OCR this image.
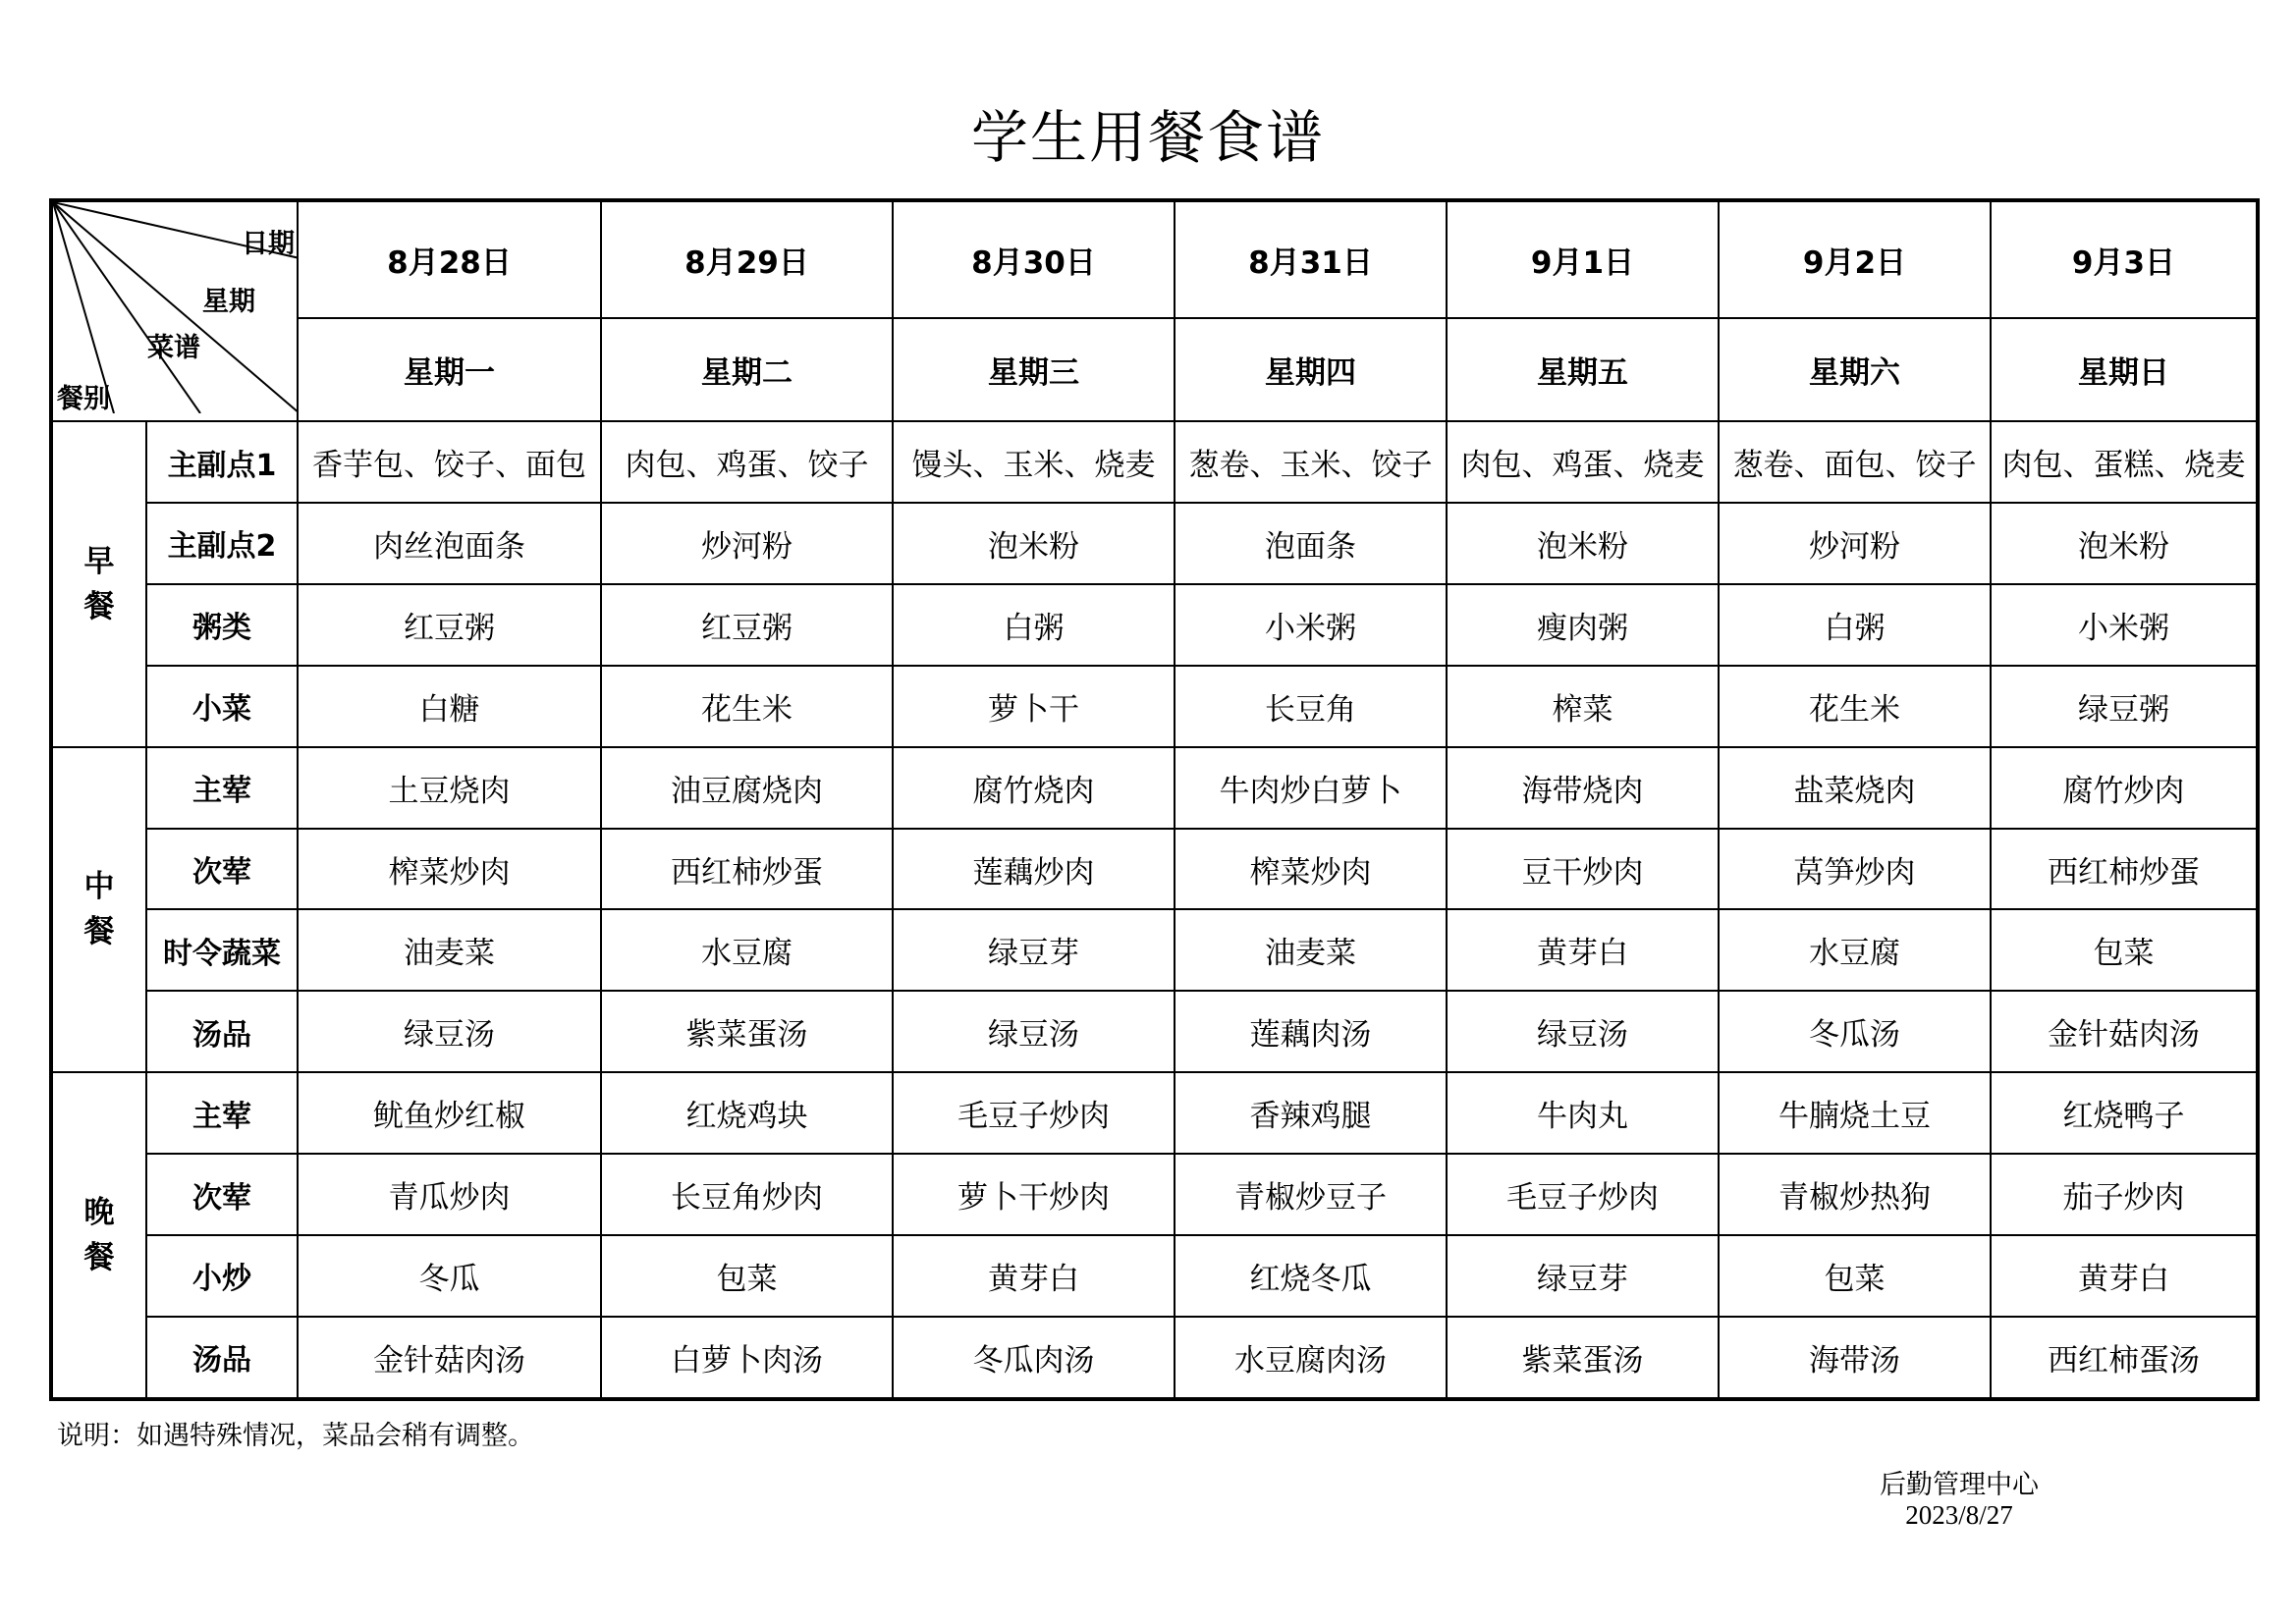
学生用餐食谱
日期
星期
菜谱
餐别		8月28日	8月29日	8月30日	8月31日	9月1日	9月2日	9月3日
		星期一	星期二	星期三	星期四	星期五	星期六	星期日

早
餐	主副点1	香芋包、饺子、面包	肉包、鸡蛋、饺子	馒头、玉米、烧麦	葱卷、玉米、饺子	肉包、鸡蛋、烧麦	葱卷、面包、饺子	肉包、蛋糕、烧麦
	主副点2	肉丝泡面条	炒河粉	泡米粉	泡面条	泡米粉	炒河粉	泡米粉
	粥类	红豆粥	红豆粥	白粥	小米粥	瘦肉粥	白粥	小米粥
	小菜	白糖	花生米	萝卜干	长豆角	榨菜	花生米	绿豆粥

中
餐	主荤	土豆烧肉	油豆腐烧肉	腐竹烧肉	牛肉炒白萝卜	海带烧肉	盐菜烧肉	腐竹炒肉
	次荤	榨菜炒肉	西红柿炒蛋	莲藕炒肉	榨菜炒肉	豆干炒肉	莴笋炒肉	西红柿炒蛋
	时令蔬菜	油麦菜	水豆腐	绿豆芽	油麦菜	黄芽白	水豆腐	包菜
	汤品	绿豆汤	紫菜蛋汤	绿豆汤	莲藕肉汤	绿豆汤	冬瓜汤	金针菇肉汤

晚
餐	主荤	鱿鱼炒红椒	红烧鸡块	毛豆子炒肉	香辣鸡腿	牛肉丸	牛腩烧土豆	红烧鸭子
	次荤	青瓜炒肉	长豆角炒肉	萝卜干炒肉	青椒炒豆子	毛豆子炒肉	青椒炒热狗	茄子炒肉
	小炒	冬瓜	包菜	黄芽白	红烧冬瓜	绿豆芽	包菜	黄芽白
	汤品	金针菇肉汤	白萝卜肉汤	冬瓜肉汤	水豆腐肉汤	紫菜蛋汤	海带汤	西红柿蛋汤
说明：如遇特殊情况，菜品会稍有调整。
后勤管理中心
2023/8/27
